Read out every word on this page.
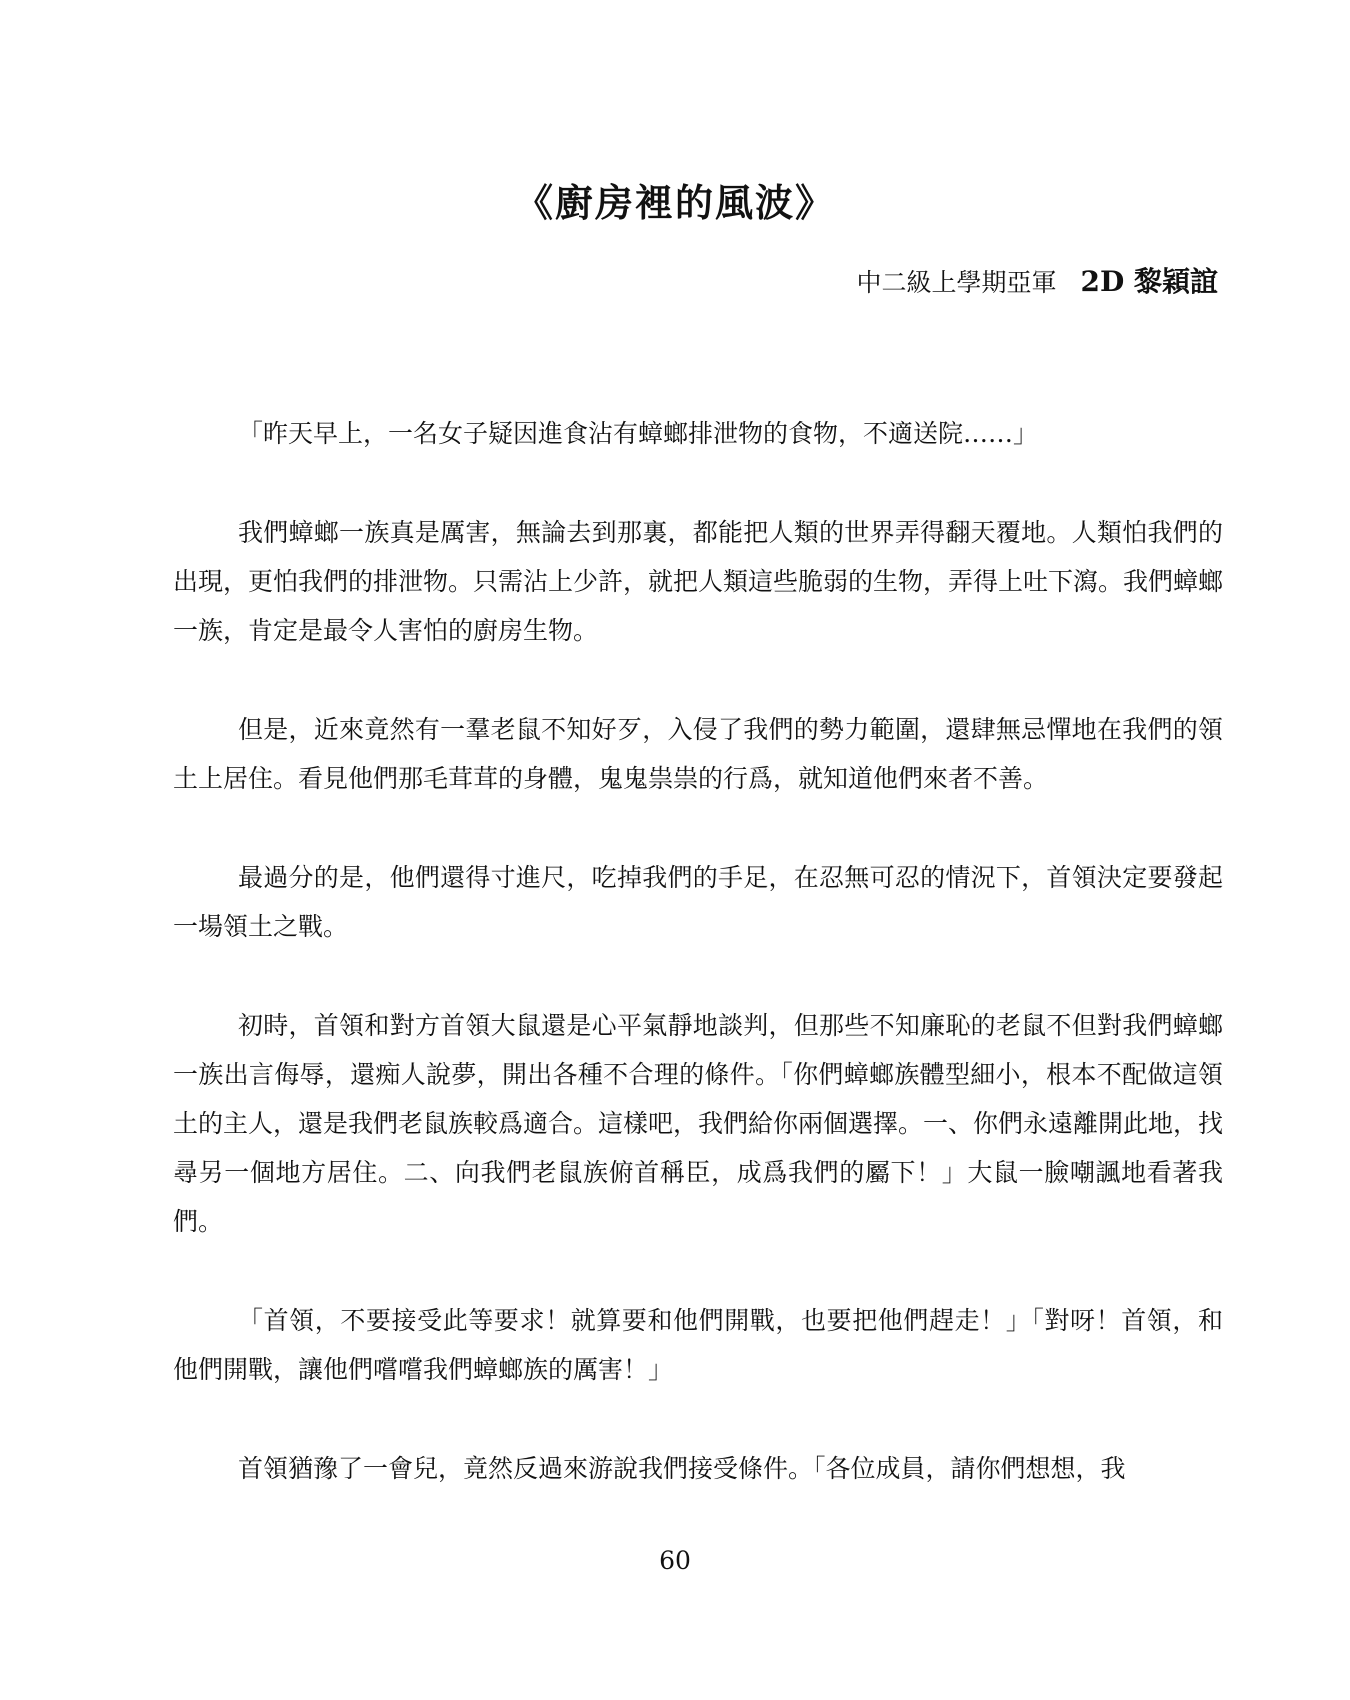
《廚房裡的風波》
中二級上學期亞軍 2D 黎穎誼

「昨天早上，一名女子疑因進食沾有蟑螂排泄物的食物，不適送院……」

我們蟑螂一族真是厲害，無論去到那裏，都能把人類的世界弄得翻天覆地。人類怕我們的出現，更怕我們的排泄物。只需沾上少許，就把人類這些脆弱的生物，弄得上吐下瀉。我們蟑螂一族，肯定是最令人害怕的廚房生物。

但是，近來竟然有一羣老鼠不知好歹，入侵了我們的勢力範圍，還肆無忌憚地在我們的領土上居住。看見他們那毛茸茸的身體，鬼鬼祟祟的行爲，就知道他們來者不善。

最過分的是，他們還得寸進尺，吃掉我們的手足，在忍無可忍的情況下，首領決定要發起一場領土之戰。

初時，首領和對方首領大鼠還是心平氣靜地談判，但那些不知廉恥的老鼠不但對我們蟑螂一族出言侮辱，還痴人說夢，開出各種不合理的條件。「你們蟑螂族體型細小，根本不配做這領土的主人，還是我們老鼠族較爲適合。這樣吧，我們給你兩個選擇。一、你們永遠離開此地，找尋另一個地方居住。二、向我們老鼠族俯首稱臣，成爲我們的屬下！」大鼠一臉嘲諷地看著我們。

「首領，不要接受此等要求！就算要和他們開戰，也要把他們趕走！」「對呀！首領，和他們開戰，讓他們嚐嚐我們蟑螂族的厲害！」

首領猶豫了一會兒，竟然反過來游說我們接受條件。「各位成員，請你們想想，我

60
